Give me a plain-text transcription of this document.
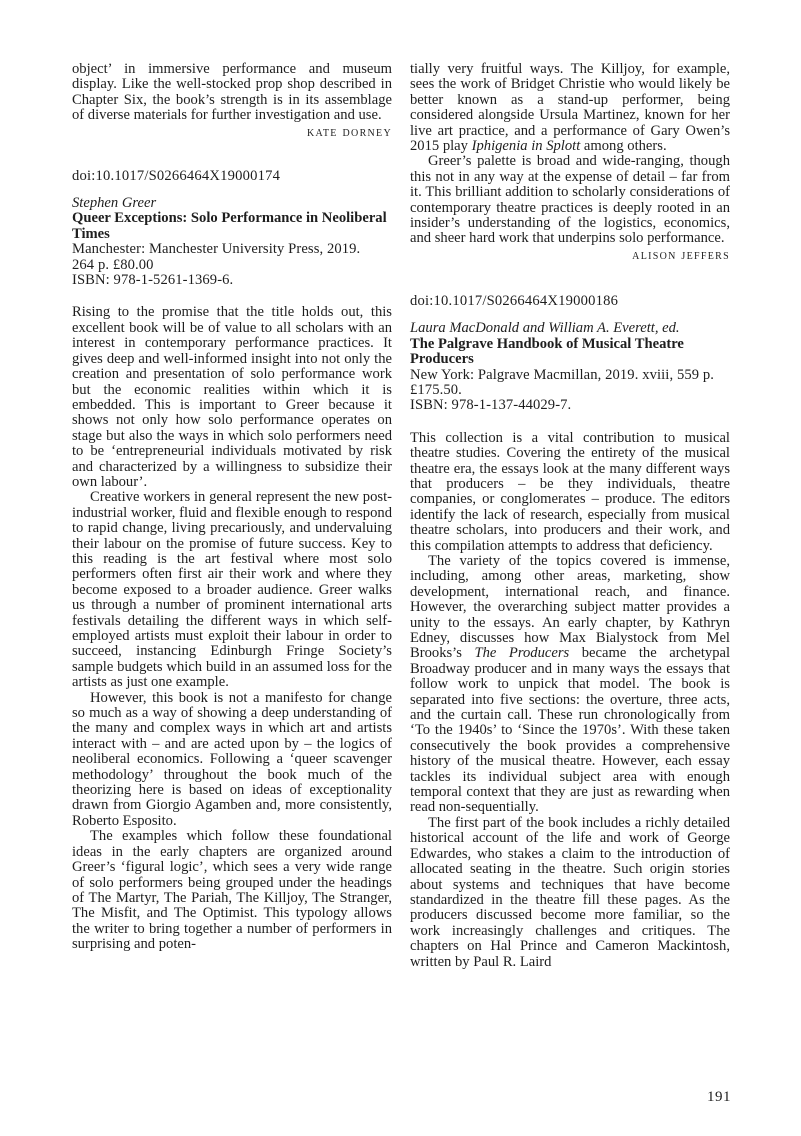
object’ in immersive performance and museum display. Like the well-stocked prop shop described in Chapter Six, the book’s strength is in its assemblage of diverse materials for further investigation and use.

kate dorney
doi:10.1017/S0266464X19000174
Stephen Greer
Queer Exceptions: Solo Performance in Neoliberal Times
Manchester: Manchester University Press, 2019.
264 p. £80.00
ISBN: 978-1-5261-1369-6.

Rising to the promise that the title holds out, this excellent book will be of value to all scholars with an interest in contemporary performance practices. It gives deep and well-informed insight into not only the creation and presentation of solo performance work but the economic realities within which it is embedded. This is important to Greer because it shows not only how solo performance operates on stage but also the ways in which solo performers need to be ‘entrepreneurial individuals motivated by risk and characterized by a willingness to subsidize their own labour’.

Creative workers in general represent the new post-industrial worker, fluid and flexible enough to respond to rapid change, living precariously, and undervaluing their labour on the promise of future success. Key to this reading is the art festival where most solo performers often first air their work and where they become exposed to a broader audience. Greer walks us through a number of prominent international arts festivals detailing the different ways in which self-employed artists must exploit their labour in order to succeed, instancing Edinburgh Fringe Society’s sample budgets which build in an assumed loss for the artists as just one example.

However, this book is not a manifesto for change so much as a way of showing a deep understanding of the many and complex ways in which art and artists interact with – and are acted upon by – the logics of neoliberal economics. Following a ‘queer scavenger methodology’ throughout the book much of the theorizing here is based on ideas of exceptionality drawn from Giorgio Agamben and, more consistently, Roberto Esposito.

The examples which follow these foundational ideas in the early chapters are organized around Greer’s ‘figural logic’, which sees a very wide range of solo performers being grouped under the headings of The Martyr, The Pariah, The Killjoy, The Stranger, The Misfit, and The Optimist. This typology allows the writer to bring together a number of performers in surprising and poten-

tially very fruitful ways. The Killjoy, for example, sees the work of Bridget Christie who would likely be better known as a stand-up performer, being considered alongside Ursula Martinez, known for her live art practice, and a performance of Gary Owen’s 2015 play Iphigenia in Splott among others.

Greer’s palette is broad and wide-ranging, though this not in any way at the expense of detail – far from it. This brilliant addition to scholarly considerations of contemporary theatre practices is deeply rooted in an insider’s understanding of the logistics, economics, and sheer hard work that underpins solo performance.

alison jeffers
doi:10.1017/S0266464X19000186
Laura MacDonald and William A. Everett, ed.
The Palgrave Handbook of Musical Theatre Producers
New York: Palgrave Macmillan, 2019. xviii, 559 p.
£175.50.
ISBN: 978-1-137-44029-7.

This collection is a vital contribution to musical theatre studies. Covering the entirety of the musical theatre era, the essays look at the many different ways that producers – be they individuals, theatre companies, or conglomerates – produce. The editors identify the lack of research, especially from musical theatre scholars, into producers and their work, and this compilation attempts to address that deficiency.

The variety of the topics covered is immense, including, among other areas, marketing, show development, international reach, and finance. However, the overarching subject matter provides a unity to the essays. An early chapter, by Kathryn Edney, discusses how Max Bialystock from Mel Brooks’s The Producers became the archetypal Broadway producer and in many ways the essays that follow work to unpick that model. The book is separated into five sections: the overture, three acts, and the curtain call. These run chronologically from ‘To the 1940s’ to ‘Since the 1970s’. With these taken consecutively the book provides a comprehensive history of the musical theatre. However, each essay tackles its individual subject area with enough temporal context that they are just as rewarding when read non-sequentially.

The first part of the book includes a richly detailed historical account of the life and work of George Edwardes, who stakes a claim to the introduction of allocated seating in the theatre. Such origin stories about systems and techniques that have become standardized in the theatre fill these pages. As the producers discussed become more familiar, so the work increasingly challenges and critiques. The chapters on Hal Prince and Cameron Mackintosh, written by Paul R. Laird

191
